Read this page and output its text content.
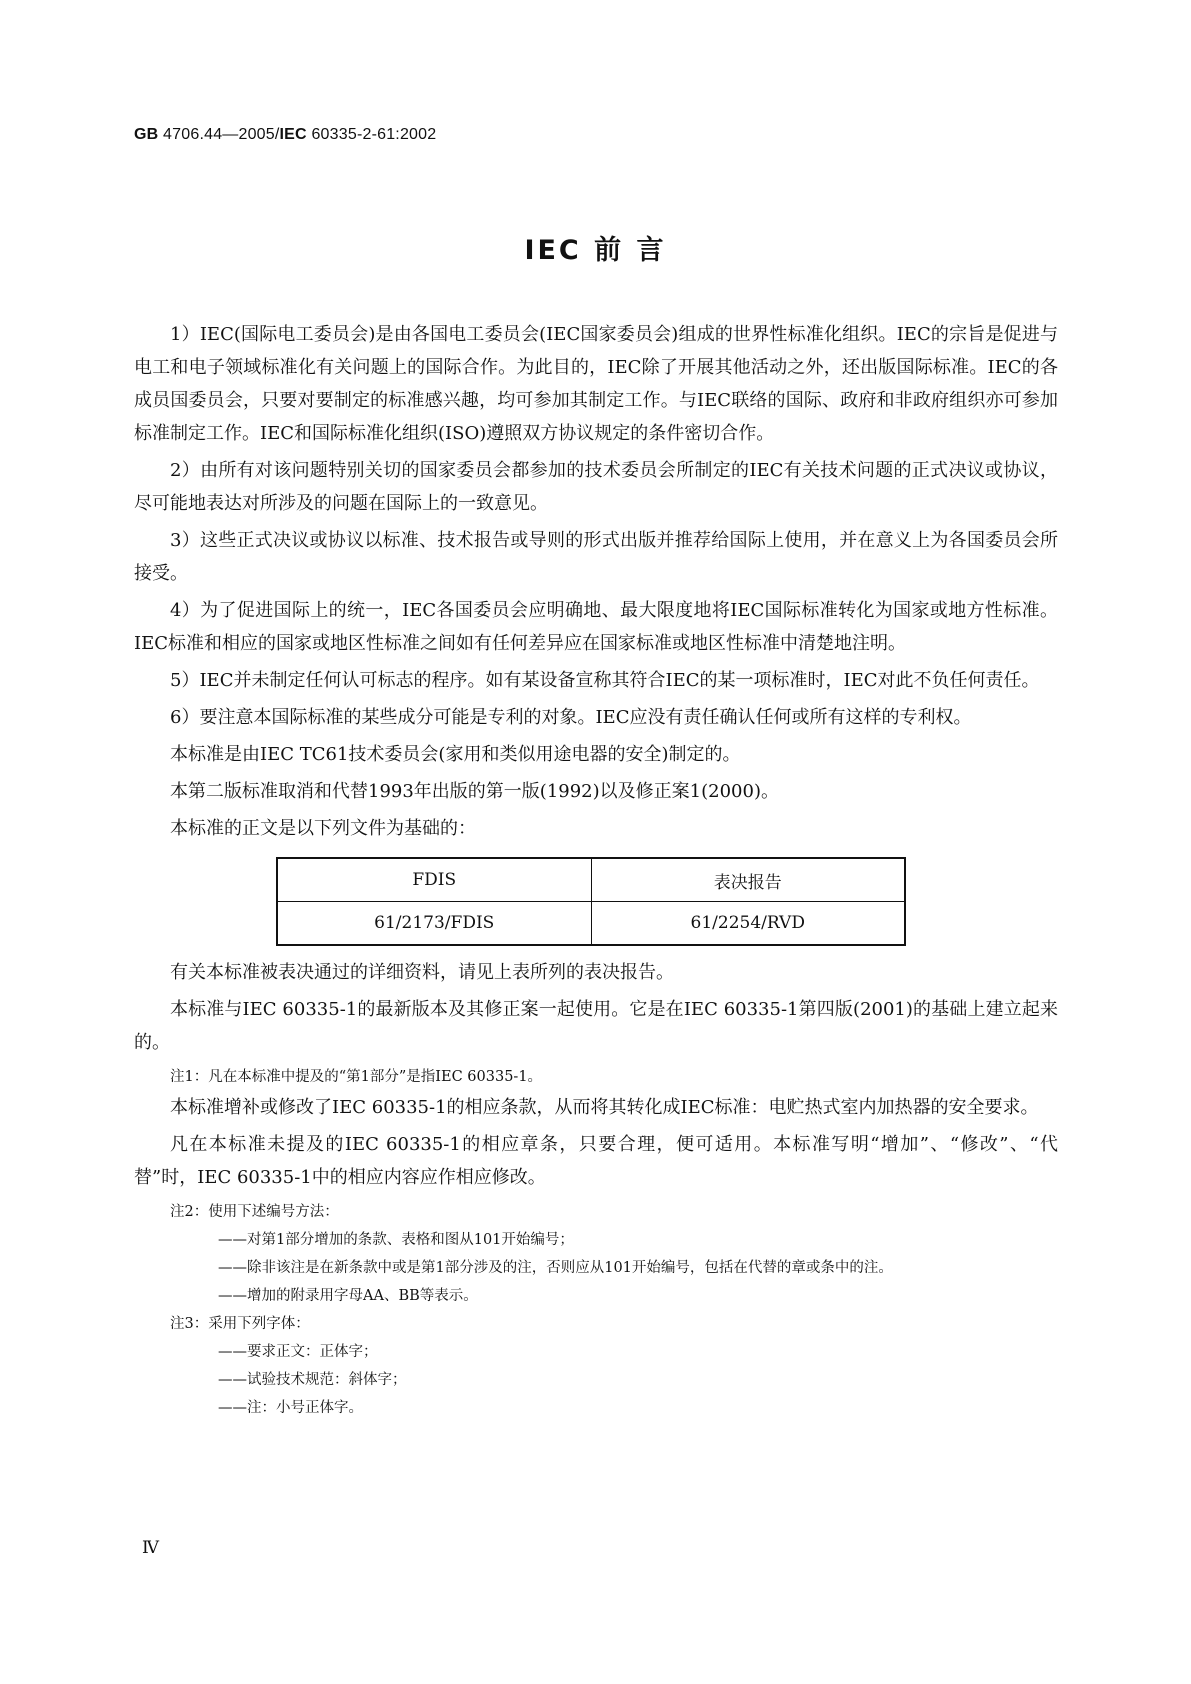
GB 4706.44—2005/IEC 60335-2-61:2002
IEC 前 言

1）IEC(国际电工委员会)是由各国电工委员会(IEC国家委员会)组成的世界性标准化组织。IEC的宗旨是促进与电工和电子领域标准化有关问题上的国际合作。为此目的，IEC除了开展其他活动之外，还出版国际标准。IEC的各成员国委员会，只要对要制定的标准感兴趣，均可参加其制定工作。与IEC联络的国际、政府和非政府组织亦可参加标准制定工作。IEC和国际标准化组织(ISO)遵照双方协议规定的条件密切合作。

2）由所有对该问题特别关切的国家委员会都参加的技术委员会所制定的IEC有关技术问题的正式决议或协议，尽可能地表达对所涉及的问题在国际上的一致意见。

3）这些正式决议或协议以标准、技术报告或导则的形式出版并推荐给国际上使用，并在意义上为各国委员会所接受。

4）为了促进国际上的统一，IEC各国委员会应明确地、最大限度地将IEC国际标准转化为国家或地方性标准。IEC标准和相应的国家或地区性标准之间如有任何差异应在国家标准或地区性标准中清楚地注明。

5）IEC并未制定任何认可标志的程序。如有某设备宣称其符合IEC的某一项标准时，IEC对此不负任何责任。

6）要注意本国际标准的某些成分可能是专利的对象。IEC应没有责任确认任何或所有这样的专利权。

本标准是由IEC TC61技术委员会(家用和类似用途电器的安全)制定的。

本第二版标准取消和代替1993年出版的第一版(1992)以及修正案1(2000)。

本标准的正文是以下列文件为基础的：

FDIS	表决报告
61/2173/FDIS	61/2254/RVD

有关本标准被表决通过的详细资料，请见上表所列的表决报告。

本标准与IEC 60335-1的最新版本及其修正案一起使用。它是在IEC 60335-1第四版(2001)的基础上建立起来的。

注1：凡在本标准中提及的“第1部分”是指IEC 60335-1。

本标准增补或修改了IEC 60335-1的相应条款，从而将其转化成IEC标准：电贮热式室内加热器的安全要求。

凡在本标准未提及的IEC 60335-1的相应章条，只要合理，便可适用。本标准写明“增加”、“修改”、“代替”时，IEC 60335-1中的相应内容应作相应修改。

注2：使用下述编号方法：

——对第1部分增加的条款、表格和图从101开始编号；

——除非该注是在新条款中或是第1部分涉及的注，否则应从101开始编号，包括在代替的章或条中的注。

——增加的附录用字母AA、BB等表示。

注3：采用下列字体：

——要求正文：正体字；

——试验技术规范：斜体字；

——注：小号正体字。

Ⅳ
